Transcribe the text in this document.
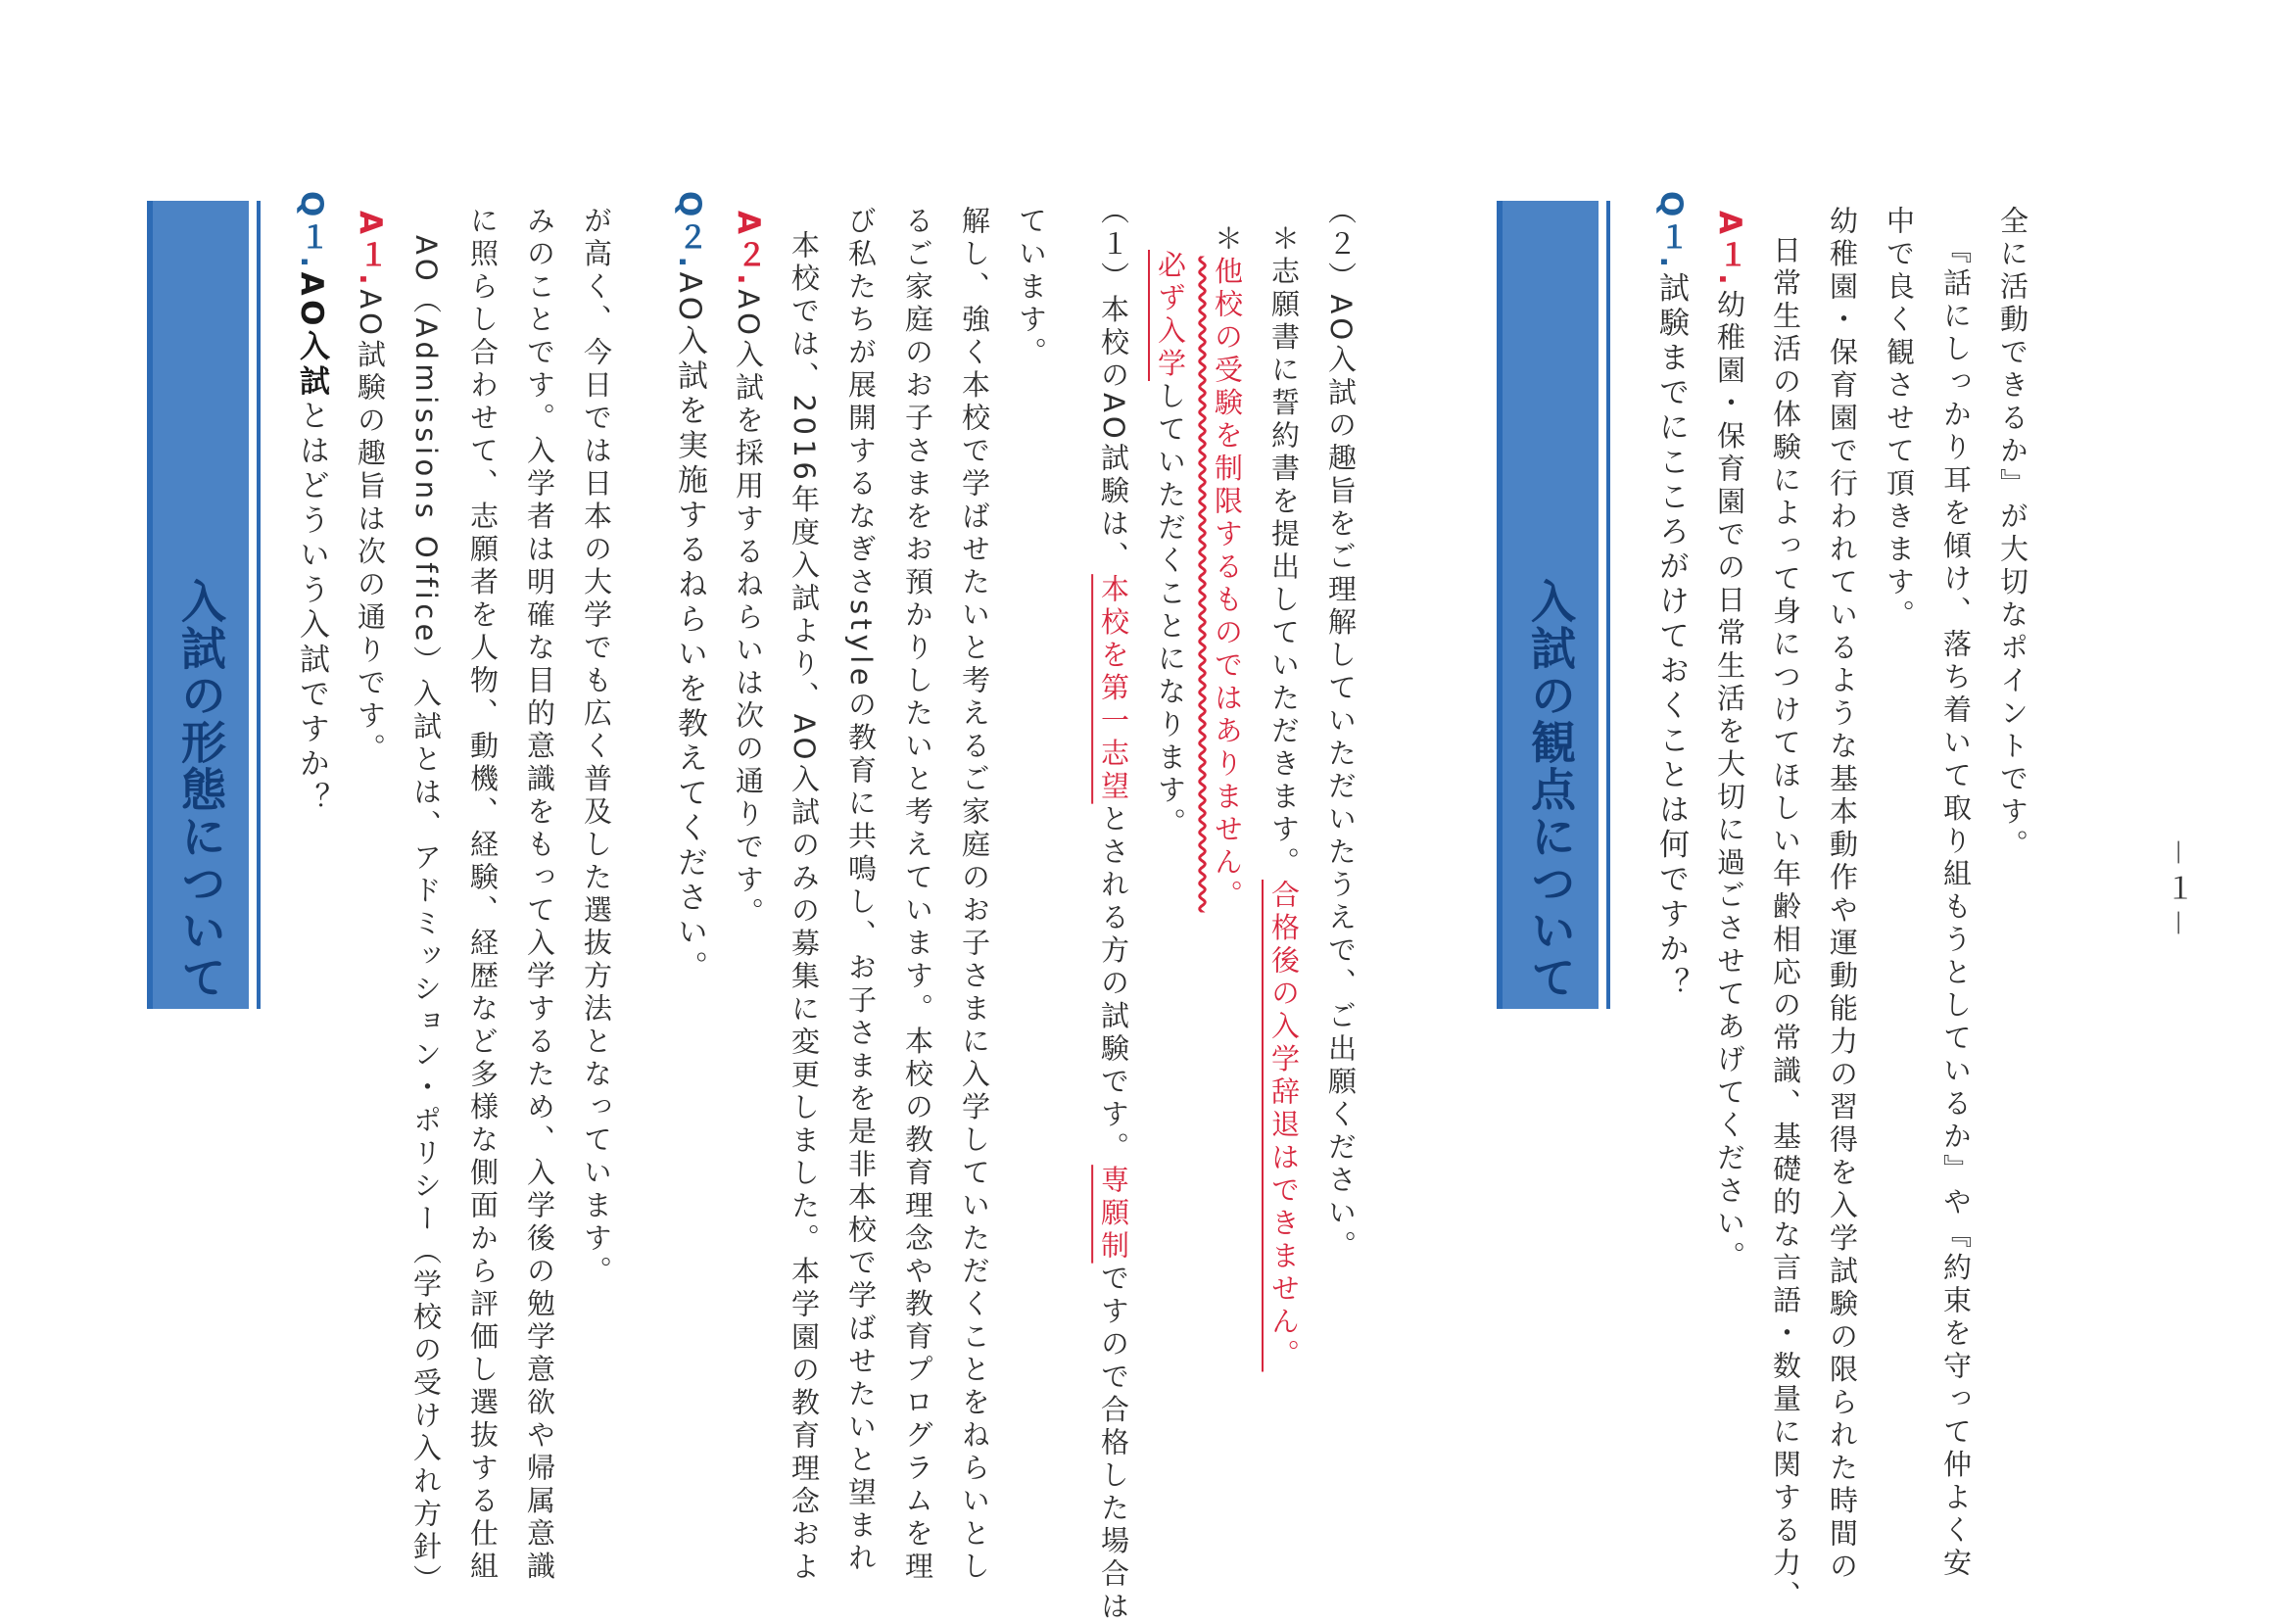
入試の形態について
Q１.AO入試とはどういう入試ですか？
A１.AO試験の趣旨は次の通りです。 AO（Admissions Office）入試とは、アドミッション・ポリシー（学校の受け入れ方針） に照らし合わせて、志願者を人物、動機、経験、経歴など多様な側面から評価し選抜する仕組 みのことです。入学者は明確な目的意識をもって入学するため、入学後の勉学意欲や帰属意識 が高く、今日では日本の大学でも広く普及した選抜方法となっています。 Q２.AO入試を実施するねらいを教えてください。
A２.AO入試を採用するねらいは次の通りです。 本校では、2016年度入試より、AO入試のみの募集に変更しました。本学園の教育理念およ び私たちが展開するなぎさstyleの教育に共鳴し、お子さまを是非本校で学ばせたいと望まれ るご家庭のお子さまをお預かりしたいと考えています。本校の教育理念や教育プログラムを理 解し、強く本校で学ばせたいと考えるご家庭のお子さまに入学していただくことをねらいとし ています。 （１）本校のAO試験は、本校を第一志望とされる方の試験です。専願制ですので合格した場合は
必ず入学していただくことになります。
＊他校の受験を制限するものではありません。 ＊志願書に誓約書を提出していただきます。合格後の入学辞退はできません。 （２）AO入試の趣旨をご理解していただいたうえで、ご出願ください。	入試の観点について
Q１.試験までにこころがけておくことは何ですか？
A１.幼稚園・保育園での日常生活を大切に過ごさせてあげてください。 日常生活の体験によって身につけてほしい年齢相応の常識、基礎的な言語・数量に関する力、 幼稚園・保育園で行われているような基本動作や運動能力の習得を入学試験の限られた時間の 中で良く観させて頂きます。 『話にしっかり耳を傾け、落ち着いて取り組もうとしているか』や『約束を守って仲よく安 全に活動できるか』が大切なポイントです。
－１－
